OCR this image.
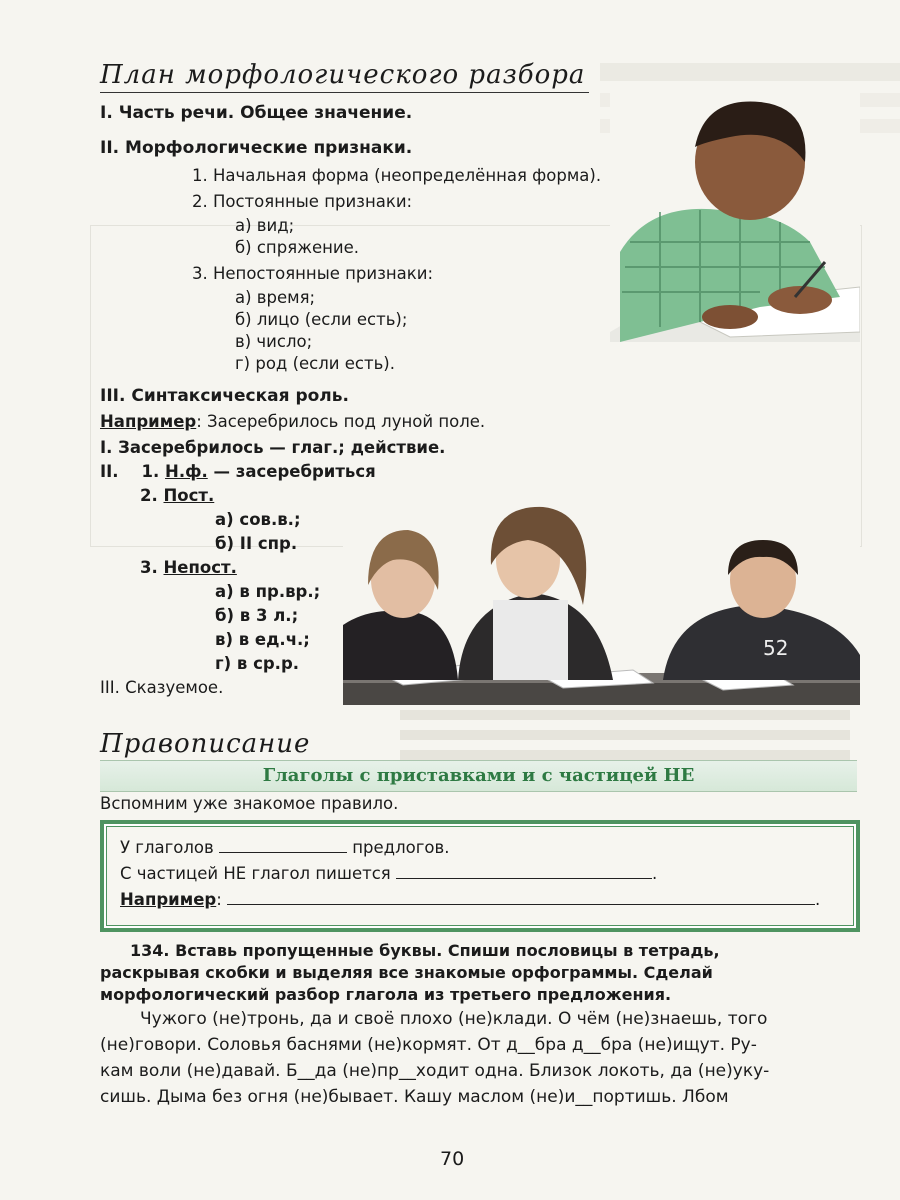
План морфологического разбора
I. Часть речи. Общее значение.
II. Морфологические признаки.
1. Начальная форма (неопределённая форма).
2. Постоянные признаки:
а) вид;
б) спряжение.
3. Непостоянные признаки:
а) время;
б) лицо (если есть);
в) число;
г) род (если есть).
III. Синтаксическая роль.
Например: Засеребрилось под луной поле.
I. Засеребрилось — глаг.; действие.
II. 1. Н.ф. — засеребриться
2. Пост.
а) сов.в.;
б) II спр.
3. Непост.
а) в пр.вр.;
б) в 3 л.;
в) в ед.ч.;
г) в ср.р.
III. Сказуемое.
52
Правописание
Глаголы с приставками и с частицей НЕ
Вспомним уже знакомое правило.
У глаголов	предлогов.
С частицей НЕ глагол пишется	.
Например:	.
134. Вставь пропущенные буквы. Спиши пословицы в тетрадь,
раскрывая скобки и выделяя все знакомые орфограммы. Сделай
морфологический разбор глагола из третьего предложения.
Чужого (не)тронь, да и своё плохо (не)клади. О чём (не)знаешь, того
(не)говори. Соловья баснями (не)кормят. От д__бра д__бра (не)ищут. Ру-
кам воли (не)давай. Б__да (не)пр__ходит одна. Близок локоть, да (не)уку-
сишь. Дыма без огня (не)бывает. Кашу маслом (не)и__портишь. Лбом
70
